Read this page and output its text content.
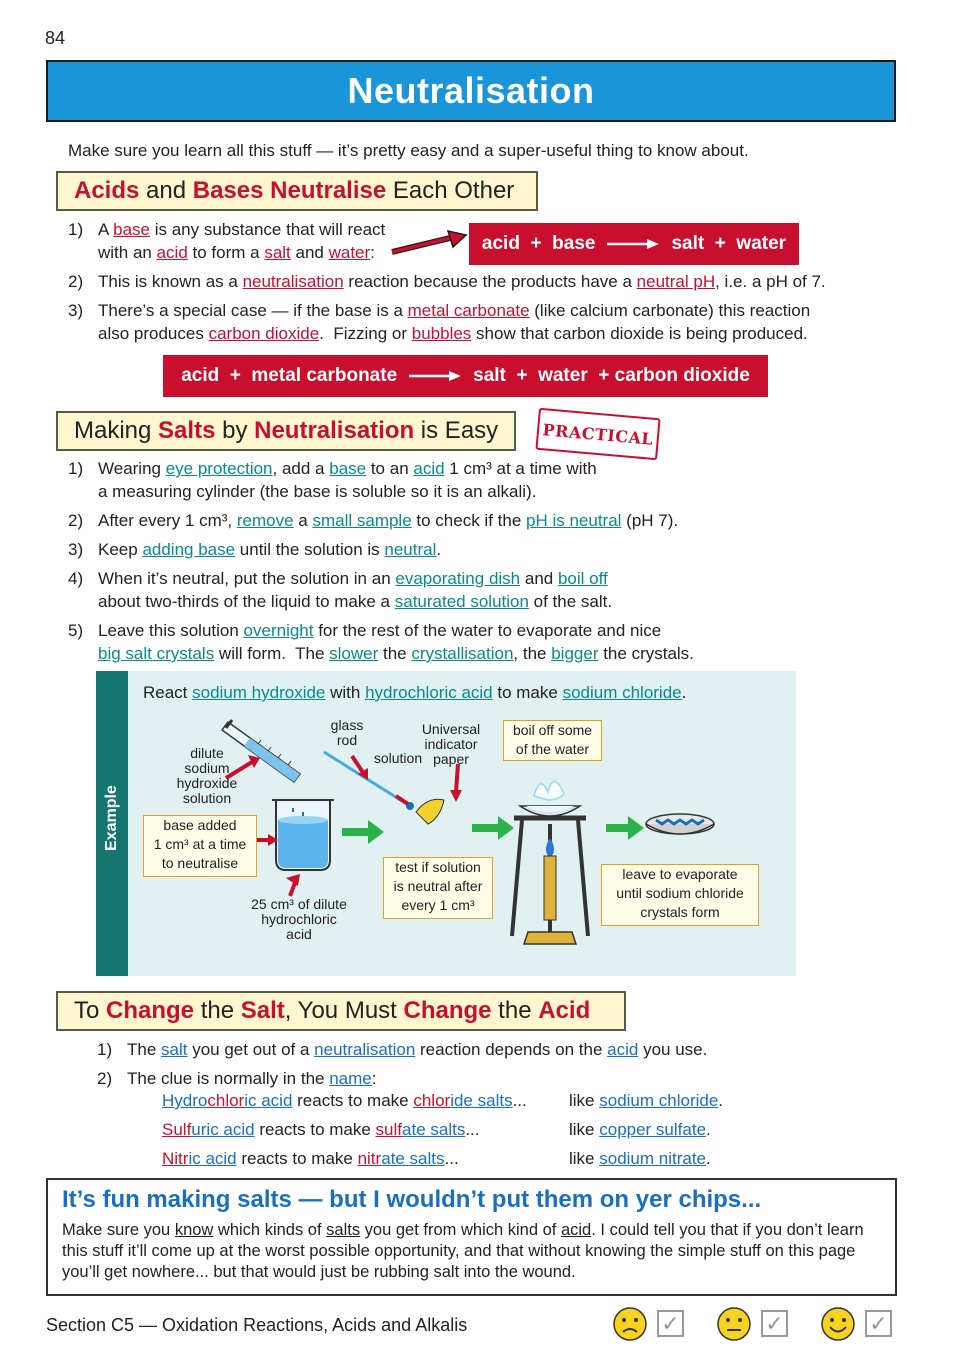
84
Neutralisation
Make sure you learn all this stuff — it’s pretty easy and a super-useful thing to know about.
Acids and Bases
Neutralise Each Other
1) A base is any substance that will react
with an acid to form a salt and water:	acid  +  base	salt  +  water
2) This is known as a neutralisation reaction because the products have a neutral pH, i.e. a pH of 7.
3) There’s a special case — if the base is a metal carbonate (like calcium carbonate) this reaction
also produces carbon dioxide.  Fizzing or bubbles show that carbon dioxide is being produced.
acid  +  metal carbonate	salt  +  water  + carbon dioxide
Making Salts by Neutralisation is Easy	PRACTICAL
1) Wearing eye protection, add a base to an acid 1 cm³ at a time with
a measuring cylinder (the base is soluble so it is an alkali).
2) After every 1 cm³, remove a small sample to check if the pH is neutral (pH 7).
3) Keep adding base until the solution is neutral.
4) When it’s neutral, put the solution in an evaporating dish and boil off
about two-thirds of the liquid to make a saturated solution of the salt.
5) Leave this solution overnight for the rest of the water to evaporate and nice
big salt crystals will form.  The slower the crystallisation, the bigger the crystals.
Example
React sodium hydroxide with hydrochloric acid to make sodium chloride.
dilute
sodium
hydroxide
solution
base added
1 cm³ at a time
to neutralise
25 cm³ of dilute
hydrochloric
acid
glass
rod
solution
Universal
indicator
paper
test if solution
is neutral after
every 1 cm³
boil off some
of the water
leave to evaporate
until sodium chloride
crystals form
To Change the Salt , You Must Change the Acid
1) The salt you get out of a neutralisation reaction depends on the acid you use.
2) The clue is normally in the name:
Hydrochloric acid reacts to make chloride salts... like sodium chloride.
Sulfuric acid reacts to make sulfate salts...	like copper sulfate.
Nitric acid reacts to make nitrate salts...	like sodium nitrate.
It’s fun making salts — but I wouldn’t put them on yer chips...
Make sure you know which kinds of salts you get from which kind of acid. I could tell you that if you don’t learn this stuff it’ll come up at the worst possible opportunity, and that without knowing the simple stuff on this page you’ll get nowhere... but that would just be rubbing salt into the wound.
Section C5 — Oxidation Reactions, Acids and Alkalis	✓	✓	✓
